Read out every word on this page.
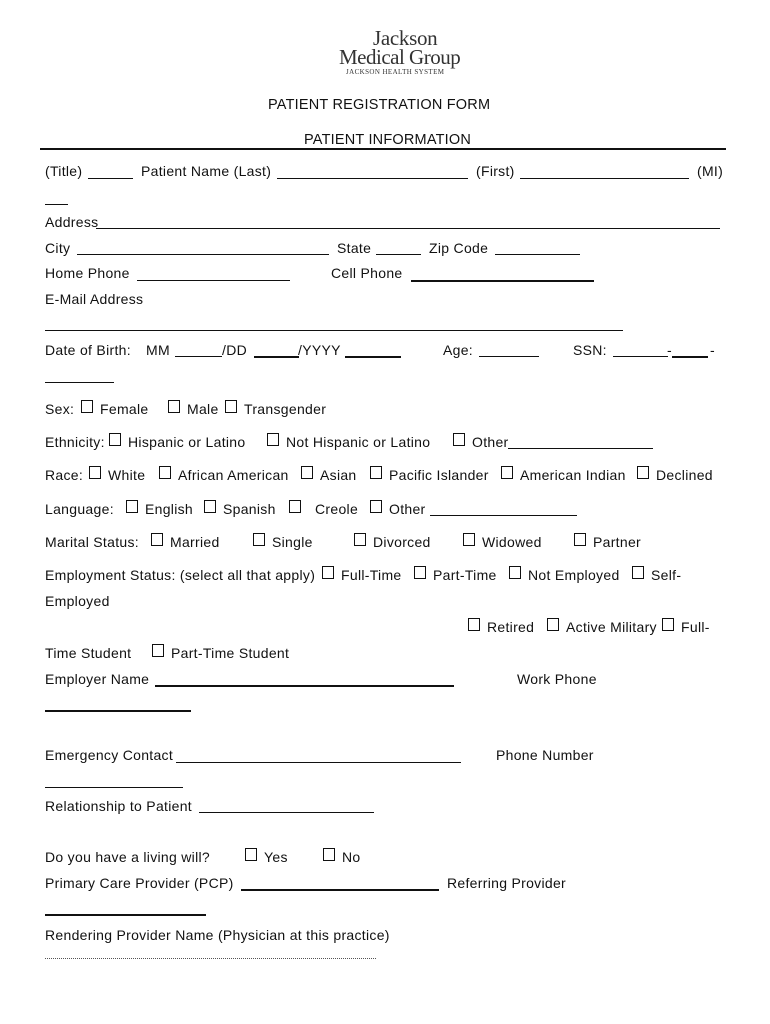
Jackson
Medical Group
JACKSON HEALTH SYSTEM
PATIENT REGISTRATION FORM
PATIENT INFORMATION
(Title)	Patient Name (Last)	(First)	(MI)
Address
City	State	Zip Code
Home Phone	Cell Phone
E-Mail Address
Date of Birth: MM	/DD	/YYYY	Age:	SSN:	-	-
Sex: Female	Male Transgender
Ethnicity: Hispanic or Latino	Not Hispanic or Latino	Other
Race: White African American Asian Pacific Islander American Indian Declined
Language: English Spanish	Creole Other
Marital Status: Married	Single	Divorced	Widowed	Partner
Employment Status: (select all that apply) Full-Time Part-Time Not Employed Self-
Employed
Retired Active Military Full-
Time Student	Part-Time Student
Employer Name	Work Phone
Emergency Contact	Phone Number
Relationship to Patient
Do you have a living will?	Yes	No
Primary Care Provider (PCP)	Referring Provider
Rendering Provider Name (Physician at this practice)
